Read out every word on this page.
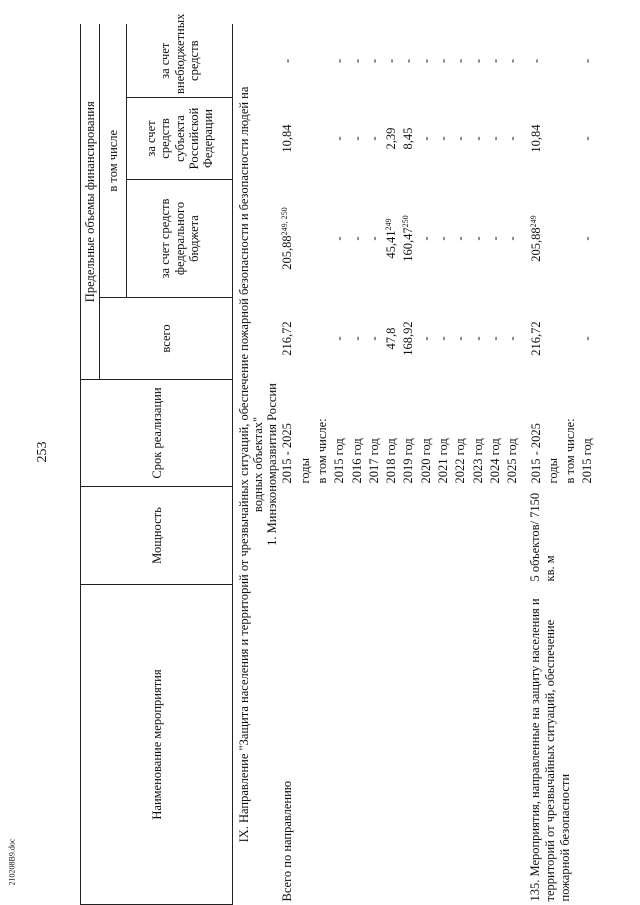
253
210208В9.doc
Наименование мероприятия	Мощность	Срок реализации	Предельные объемы финансирования			
			всего	в том числе		
				за счет средств федерального бюджета	за счет средств субъекта Российской Федерации	за счет внебюджетных средств
IX. Направление "Защита населения и территорий от чрезвычайных ситуаций, обеспечение пожарной безопасности и безопасности людей на водных объектах"						
1. Минэкономразвития России						
Всего по направлению		2015 - 2025	216,72	205,88$^{249, 250}$	10,84	-
		годы				
		в том числе:				
		2015 год	-	-	-	-
		2016 год	-	-	-	-
		2017 год	-	-	-	-
		2018 год	47,8	45,41$^{249}$	2,39	-
		2019 год	168,92	160,47$^{250}$	8,45	-
		2020 год	-	-	-	-
		2021 год	-	-	-	-
		2022 год	-	-	-	-
		2023 год	-	-	-	-
		2024 год	-	-	-	-
		2025 год	-	-	-	-
135. Мероприятия, направленные на защиту населения и территорий от чрезвычайных ситуаций, обеспечение пожарной безопасности	5 объектов/ 7150 кв. м	2015 - 2025	216,72	205,88$^{249}$	10,84	-
		годы				
		в том числе:				
		2015 год	-	-	-	-
